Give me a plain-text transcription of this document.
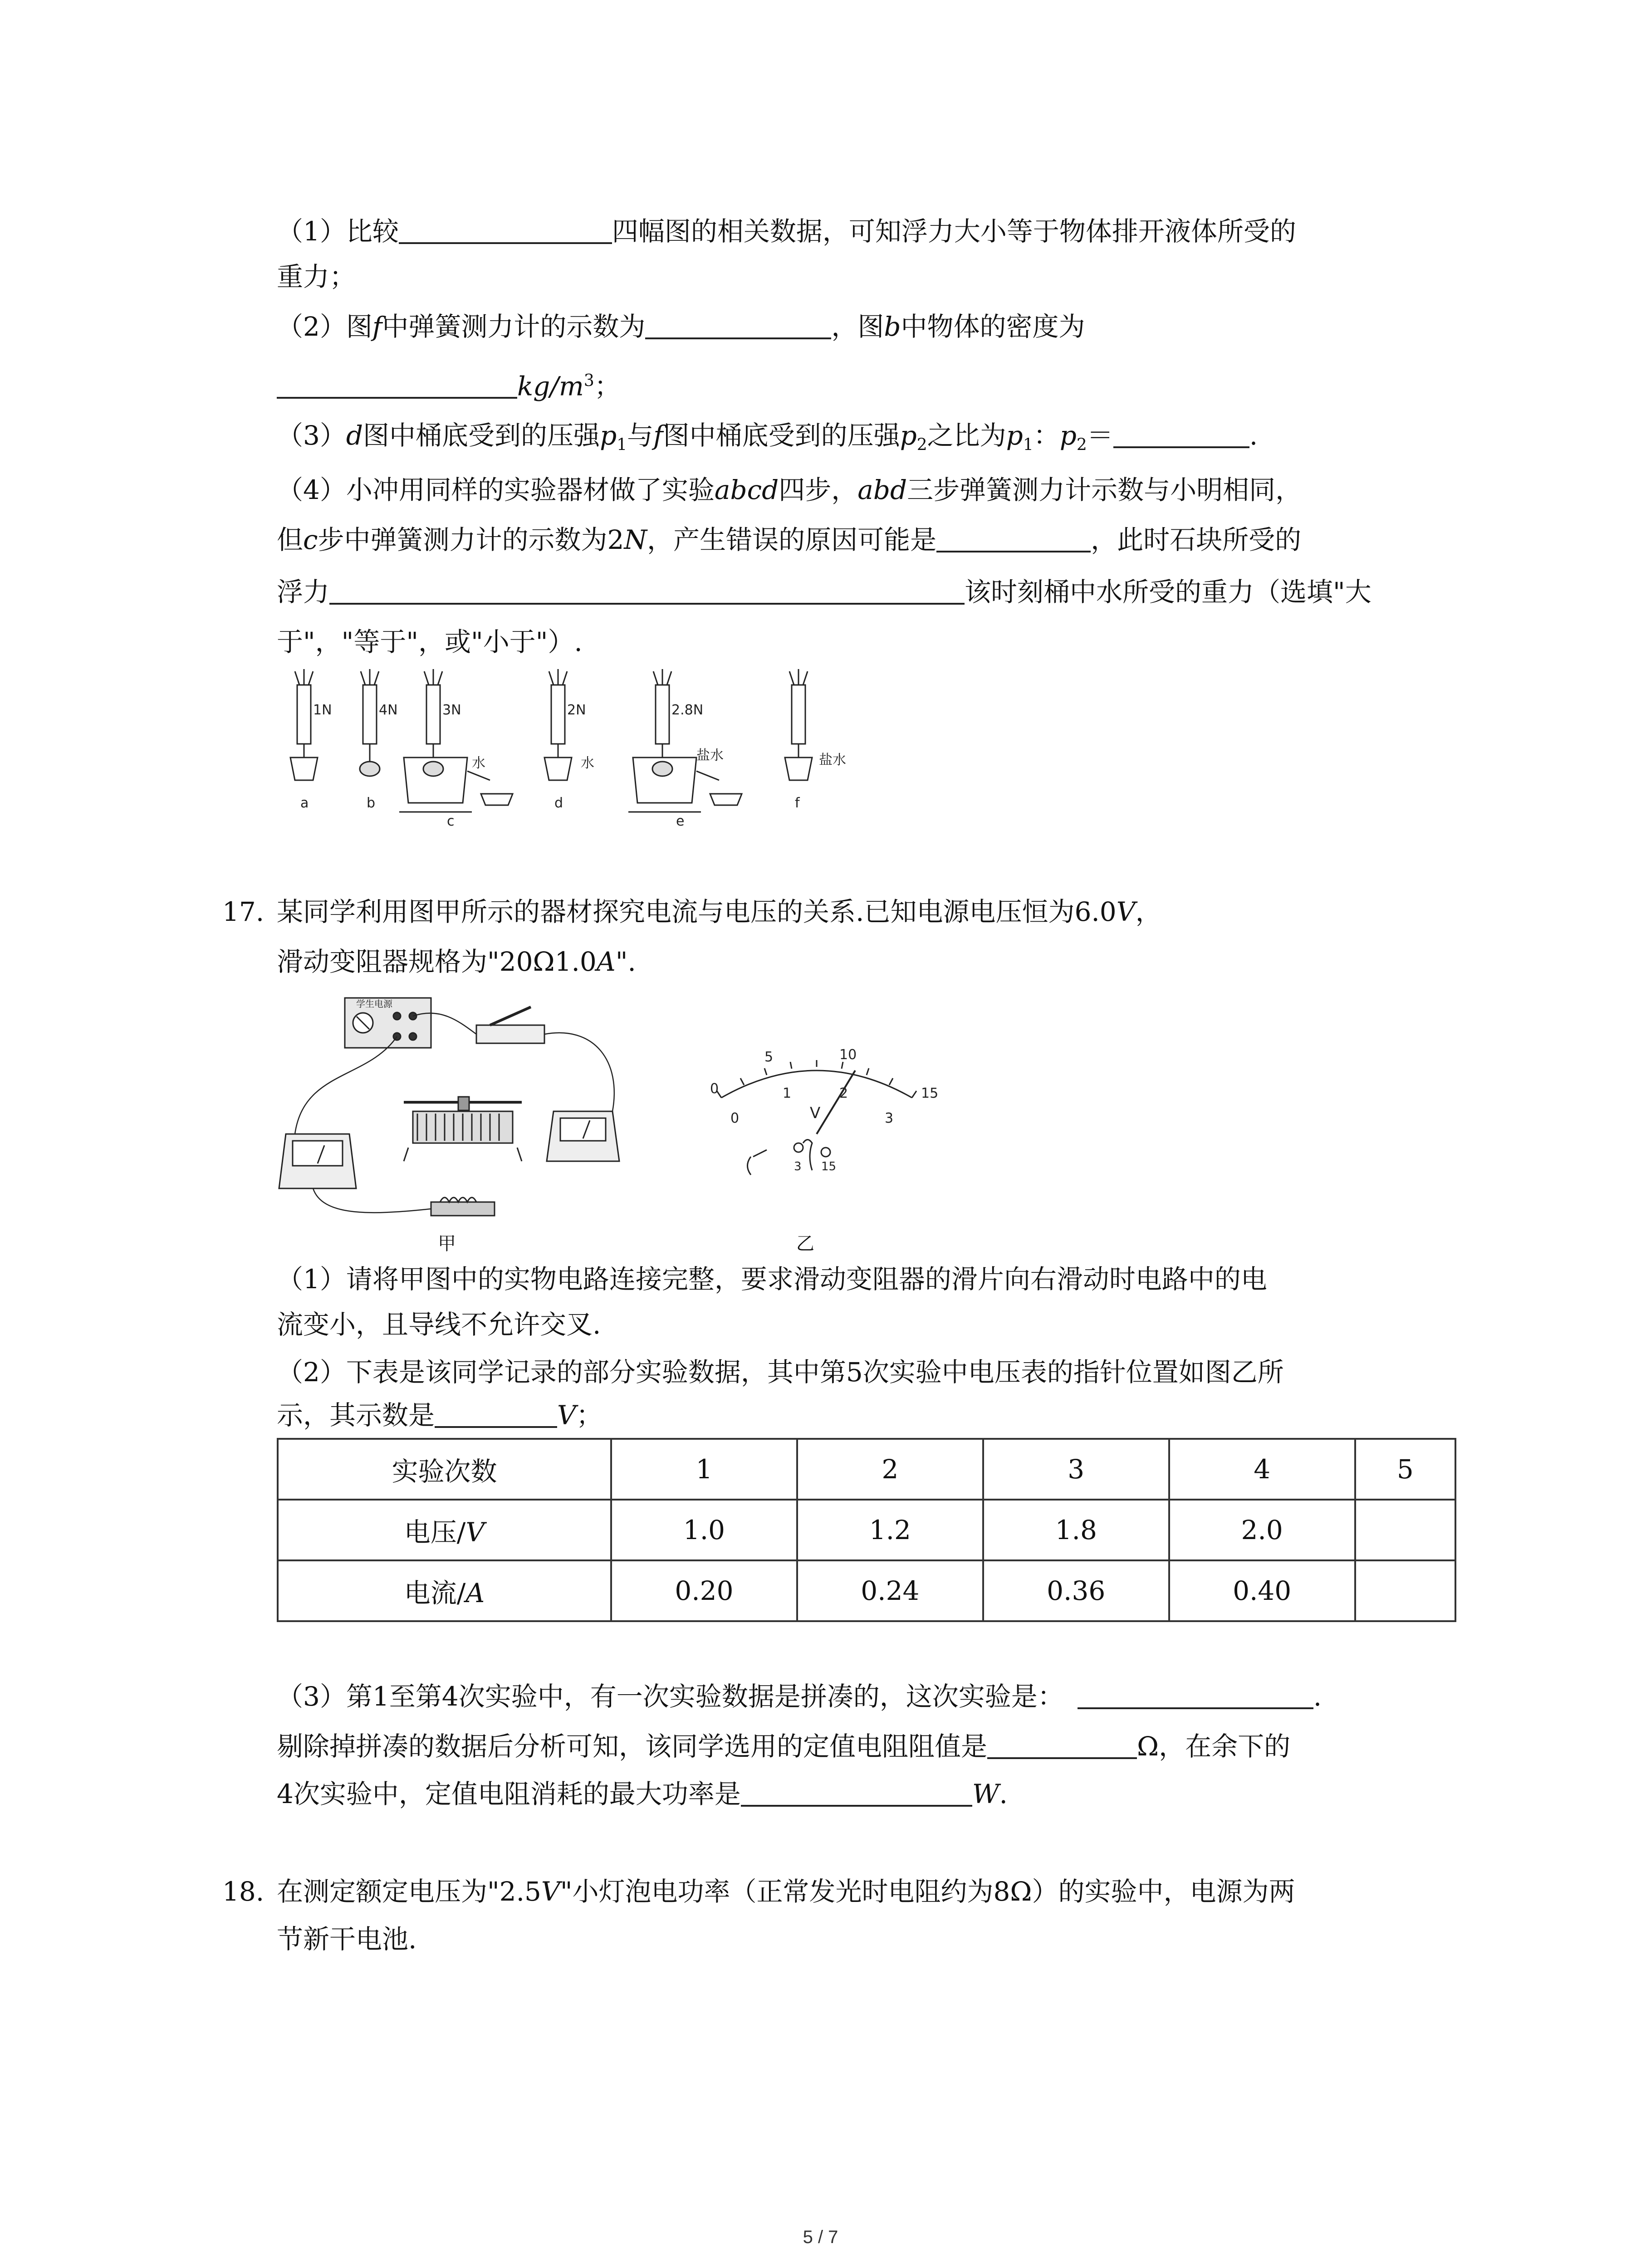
（1）比较	四幅图的相关数据，可知浮力大小等于物体排开液体所受的
重力；
（2）图f中弹簧测力计的示数为	，图b中物体的密度为
$kg/m^3$；
（3）d图中桶底受到的压强$p_1$与f图中桶底受到的压强$p_2$之比为$p_1$：$p_2=$	.
（4）小冲用同样的实验器材做了实验abcd四步，abd三步弹簧测力计示数与小明相同，
但c步中弹簧测力计的示数为2N，产生错误的原因可能是	，此时石块所受的
浮力	该时刻桶中水所受的重力（选填"大
于"，"等于"，或"小于"）.
1N	4N	3N	2N	2.8N
水	水	盐水	盐水
a	b
c
d
e
f
17. 某同学利用图甲所示的器材探究电流与电压的关系.已知电源电压恒为6.0V，
滑动变阻器规格为"20Ω1.0A".
学生电源
甲
0
5	10
15
0
1	2
3
V
3 15
乙
（1）请将甲图中的实物电路连接完整，要求滑动变阻器的滑片向右滑动时电路中的电
流变小，且导线不允许交叉.
（2）下表是该同学记录的部分实验数据，其中第5次实验中电压表的指针位置如图乙所
示，其示数是	V；
实验次数	1	2	3	4	5
电压/V	1.0	1.2	1.8	2.0	
电流/A	0.20	0.24	0.36	0.40	
（3）第1至第4次实验中，有一次实验数据是拼凑的，这次实验是：	.
剔除掉拼凑的数据后分析可知，该同学选用的定值电阻阻值是	Ω，在余下的
4次实验中，定值电阻消耗的最大功率是	W.
18. 在测定额定电压为"2.5V"小灯泡电功率（正常发光时电阻约为8Ω）的实验中，电源为两
节新干电池.
5 / 7
